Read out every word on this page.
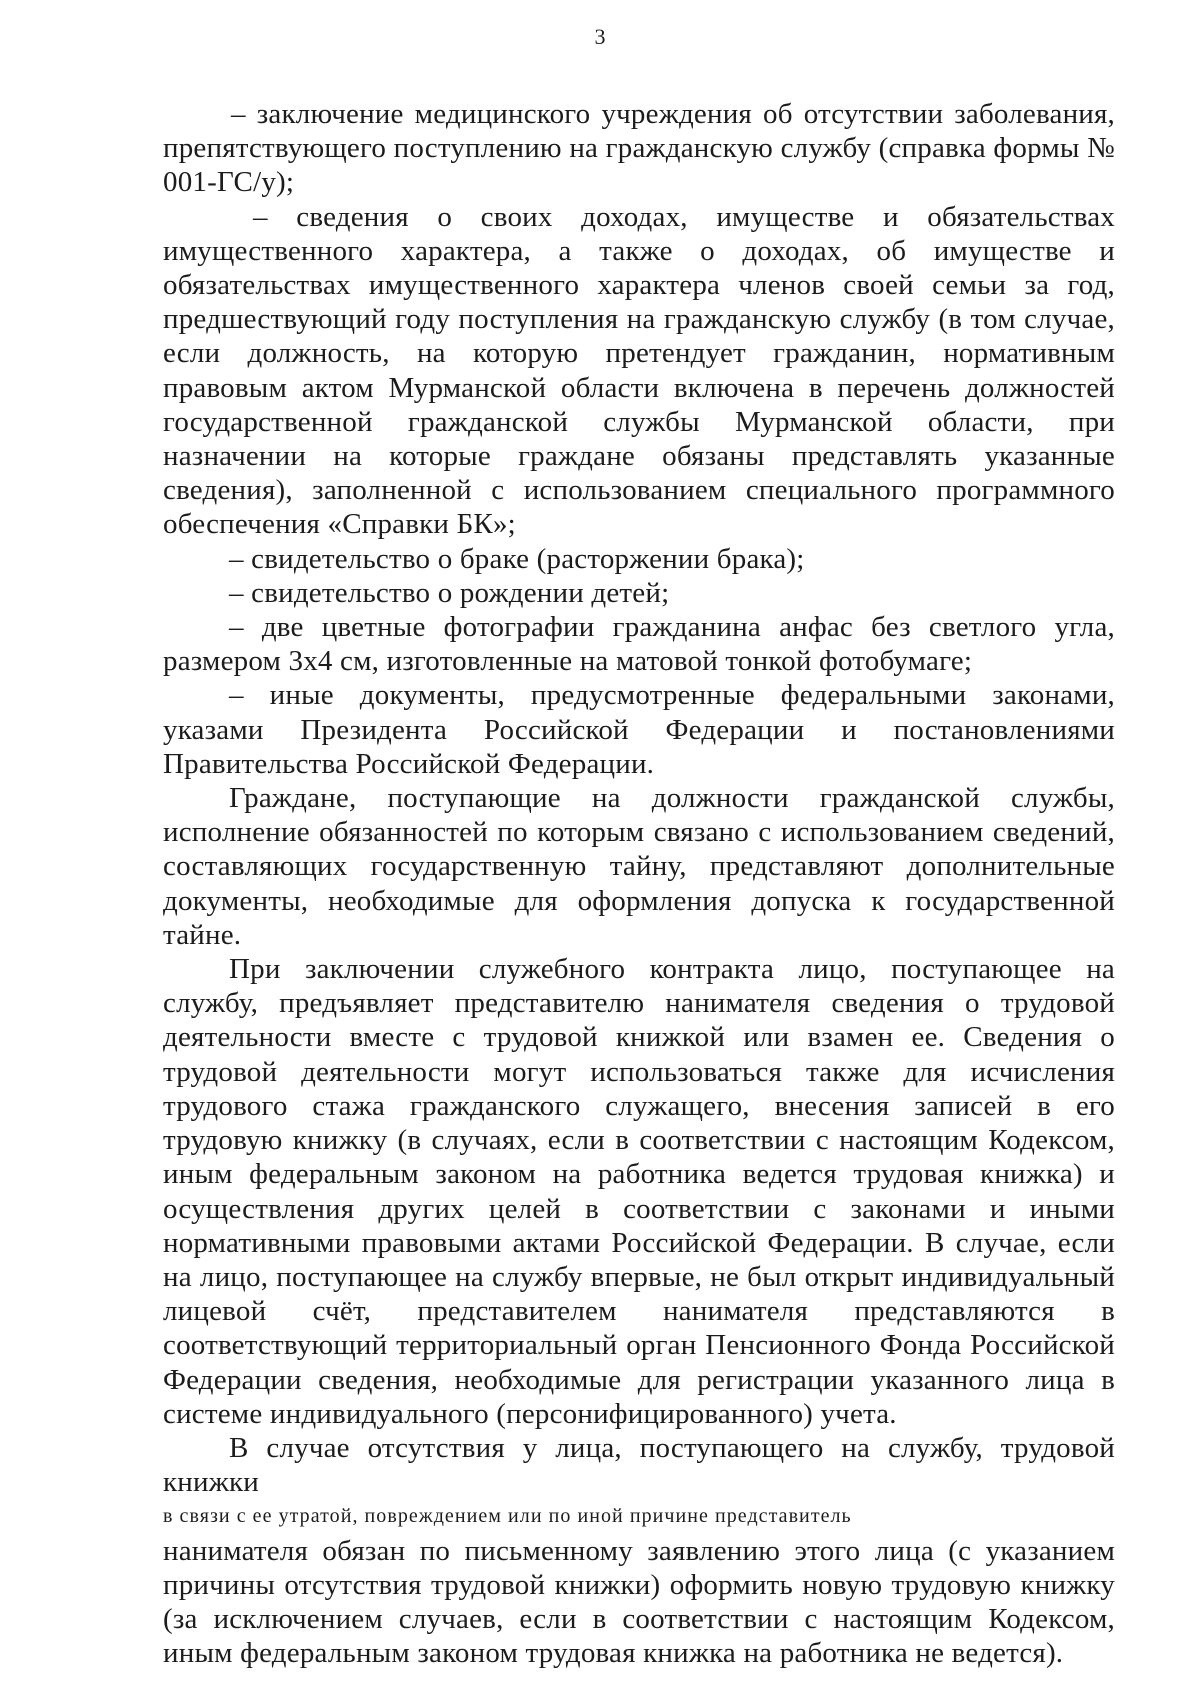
3

– заключение медицинского учреждения об отсутствии заболевания, препятствующего поступлению на гражданскую службу (справка формы № 001-ГС/у);

– сведения о своих доходах, имуществе и обязательствах имущественного характера, а также о доходах, об имуществе и обязательствах имущественного характера членов своей семьи за год, предшествующий году поступления на гражданскую службу (в том случае, если должность, на которую претендует гражданин, нормативным правовым актом Мурманской области включена в перечень должностей государственной гражданской службы Мурманской области, при назначении на которые граждане обязаны представлять указанные сведения), заполненной с использованием специального программного обеспечения «Справки БК»;

– свидетельство о браке (расторжении брака);

– свидетельство о рождении детей;

– две цветные фотографии гражданина анфас без светлого угла, размером 3х4 см, изготовленные на матовой тонкой фотобумаге;

– иные документы, предусмотренные федеральными законами, указами Президента Российской Федерации и постановлениями Правительства Российской Федерации.

Граждане, поступающие на должности гражданской службы, исполнение обязанностей по которым связано с использованием сведений, составляющих государственную тайну, представляют дополнительные документы, необходимые для оформления допуска к государственной тайне.

При заключении служебного контракта лицо, поступающее на службу, предъявляет представителю нанимателя сведения о трудовой деятельности вместе с трудовой книжкой или взамен ее. Сведения о трудовой деятельности могут использоваться также для исчисления трудового стажа гражданского служащего, внесения записей в его трудовую книжку (в случаях, если в соответствии с настоящим Кодексом, иным федеральным законом на работника ведется трудовая книжка) и осуществления других целей в соответствии с законами и иными нормативными правовыми актами Российской Федерации. В случае, если на лицо, поступающее на службу впервые, не был открыт индивидуальный лицевой счёт, представителем нанимателя представляются в соответствующий территориальный орган Пенсионного Фонда Российской Федерации сведения, необходимые для регистрации указанного лица в системе индивидуального (персонифицированного) учета.

В случае отсутствия у лица, поступающего на службу, трудовой книжки

в связи с ее утратой, повреждением или по иной причине представитель

нанимателя обязан по письменному заявлению этого лица (с указанием причины отсутствия трудовой книжки) оформить новую трудовую книжку (за исключением случаев, если в соответствии с настоящим Кодексом, иным федеральным законом трудовая книжка на работника не ведется).
